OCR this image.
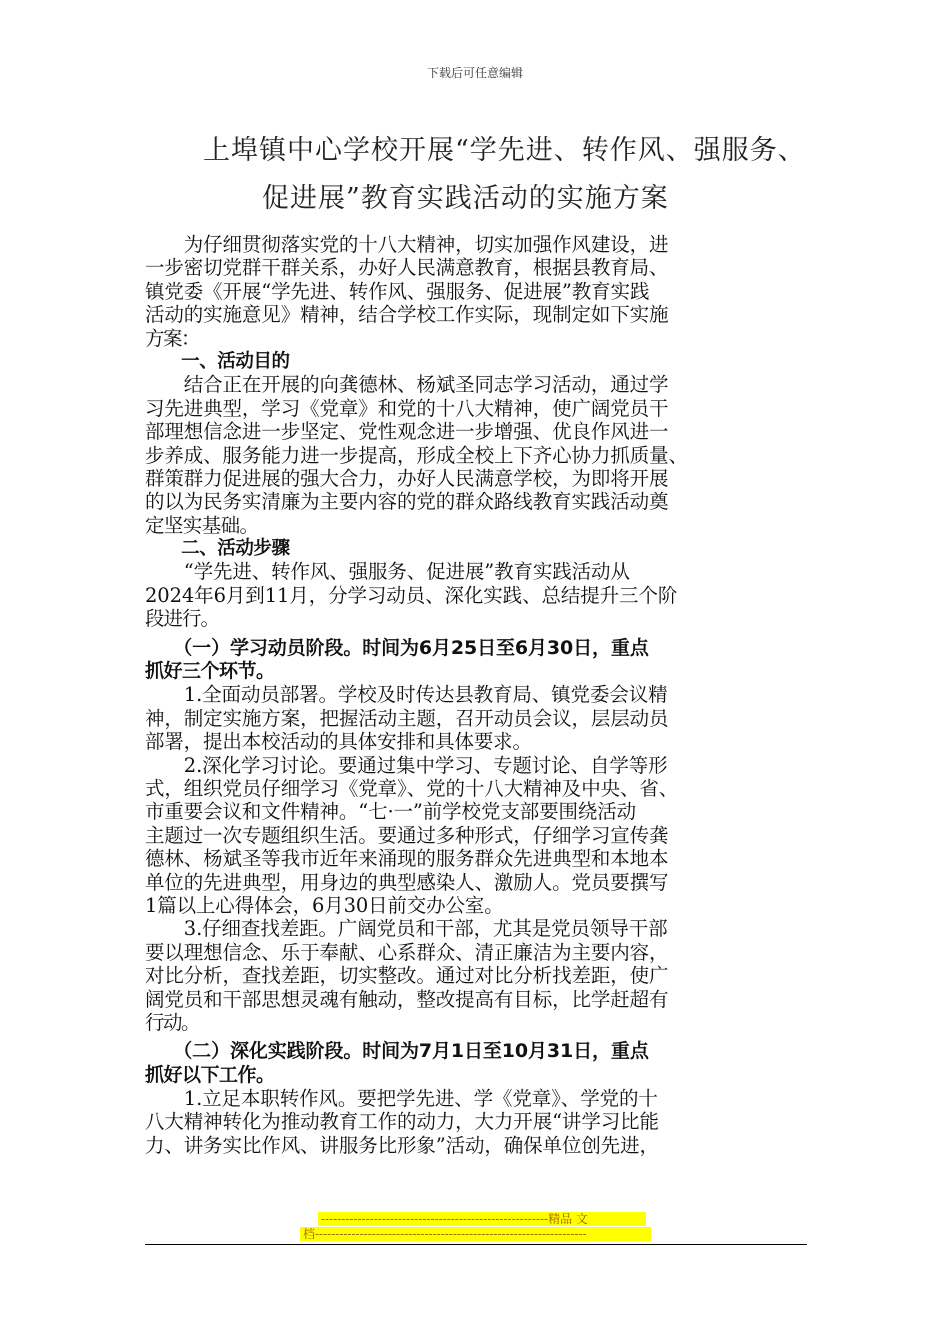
下载后可任意编辑
上埠镇中心学校开展“学先进、转作风、强服务、
促进展”教育实践活动的实施方案
　　为仔细贯彻落实党的十八大精神，切实加强作风建设，进
一步密切党群干群关系，办好人民满意教育，根据县教育局、
镇党委《开展“学先进、转作风、强服务、促进展”教育实践
活动的实施意见》精神，结合学校工作实际，现制定如下实施
方案：
　　一、活动目的
　　结合正在开展的向龚德林、杨斌圣同志学习活动，通过学
习先进典型，学习《党章》和党的十八大精神，使广阔党员干
部理想信念进一步坚定、党性观念进一步增强、优良作风进一
步养成、服务能力进一步提高，形成全校上下齐心协力抓质量、
群策群力促进展的强大合力，办好人民满意学校，为即将开展
的以为民务实清廉为主要内容的党的群众路线教育实践活动奠
定坚实基础。
　　二、活动步骤
　　“学先进、转作风、强服务、促进展”教育实践活动从
2024年6月到11月，分学习动员、深化实践、总结提升三个阶
段进行。
　　（一）学习动员阶段。时间为6月25日至6月30日，重点
抓好三个环节。
　　1.全面动员部署。学校及时传达县教育局、镇党委会议精
神，制定实施方案，把握活动主题，召开动员会议，层层动员
部署，提出本校活动的具体安排和具体要求。
　　2.深化学习讨论。要通过集中学习、专题讨论、自学等形
式，组织党员仔细学习《党章》、党的十八大精神及中央、省、
市重要会议和文件精神。“七·一”前学校党支部要围绕活动
主题过一次专题组织生活。要通过多种形式，仔细学习宣传龚
德林、杨斌圣等我市近年来涌现的服务群众先进典型和本地本
单位的先进典型，用身边的典型感染人、激励人。党员要撰写
1篇以上心得体会，6月30日前交办公室。
　　3.仔细查找差距。广阔党员和干部，尤其是党员领导干部
要以理想信念、乐于奉献、心系群众、清正廉洁为主要内容，
对比分析，查找差距，切实整改。通过对比分析找差距，使广
阔党员和干部思想灵魂有触动，整改提高有目标，比学赶超有
行动。
　　（二）深化实践阶段。时间为7月1日至10月31日，重点
抓好以下工作。
　　1.立足本职转作风。要把学先进、学《党章》、学党的十
八大精神转化为推动教育工作的动力，大力开展“讲学习比能
力、讲务实比作风、讲服务比形象”活动，确保单位创先进，
--------------------------------------------------------精品 文
档-------------------------------------------------------------------
